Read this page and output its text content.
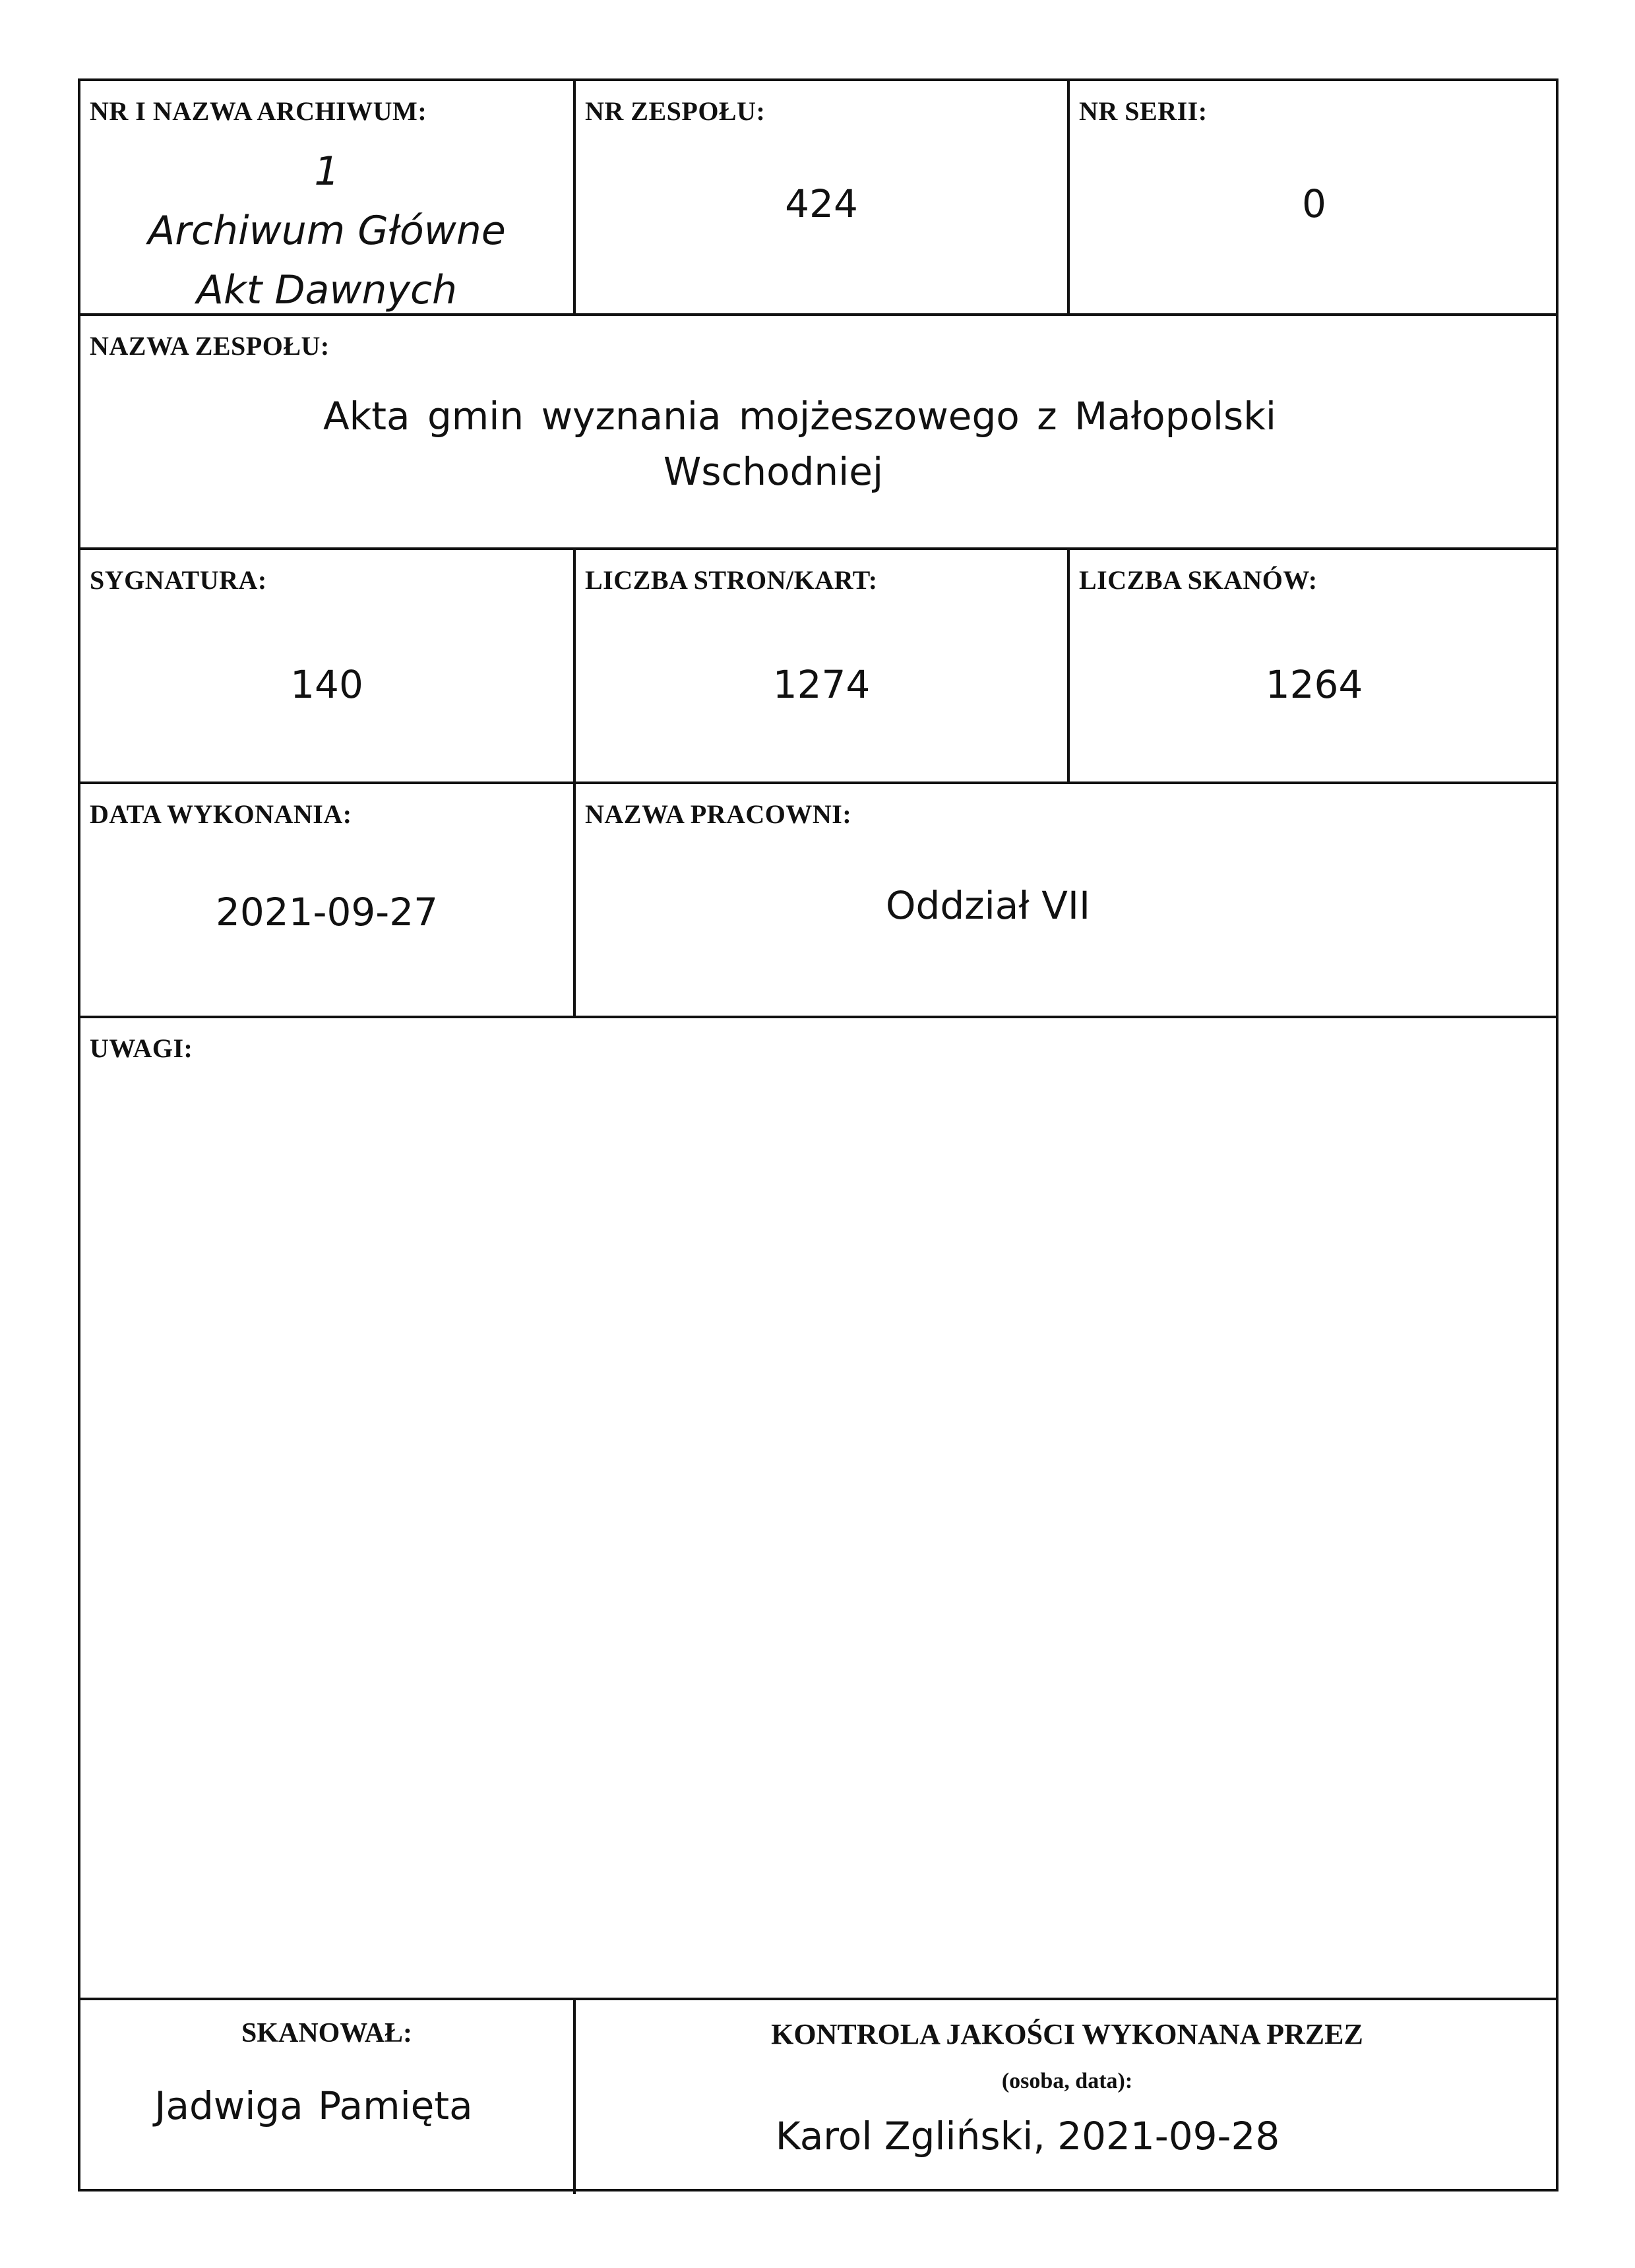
NR I NAZWA ARCHIWUM:
1
Archiwum Główne
Akt Dawnych
NR ZESPOŁU:
424
NR SERII:
0
NAZWA ZESPOŁU:
Akta gmin wyznania mojżeszowego z Małopolski
Wschodniej
SYGNATURA:
140
LICZBA STRON/KART:
1274
LICZBA SKANÓW:
1264
DATA WYKONANIA:
2021-09-27
NAZWA PRACOWNI:
Oddział VII
UWAGI:
SKANOWAŁ:
Jadwiga Pamięta
KONTROLA JAKOŚCI WYKONANA PRZEZ
(osoba, data):
Karol Zgliński, 2021-09-28
